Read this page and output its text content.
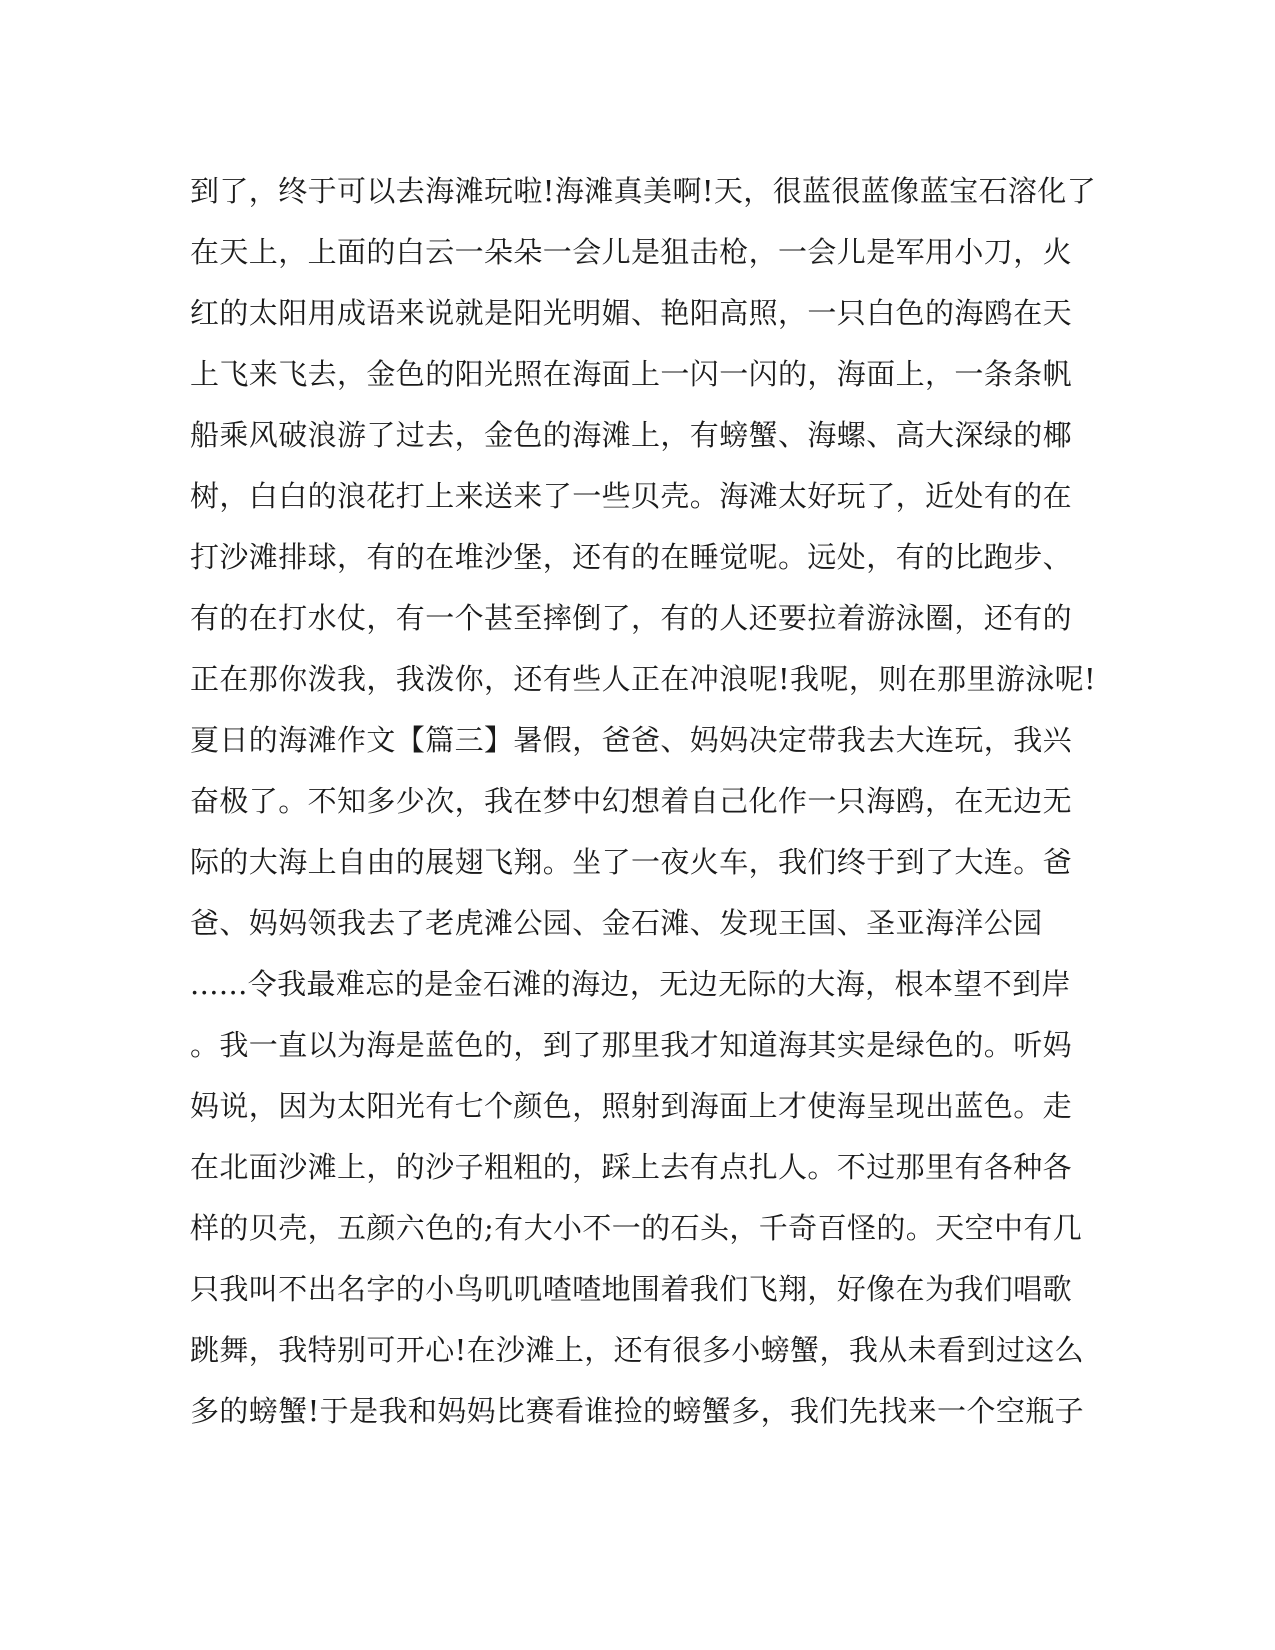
到了，终于可以去海滩玩啦!海滩真美啊!天，很蓝很蓝像蓝宝石溶化了
在天上，上面的白云一朵朵一会儿是狙击枪，一会儿是军用小刀，火
红的太阳用成语来说就是阳光明媚、艳阳高照，一只白色的海鸥在天
上飞来飞去，金色的阳光照在海面上一闪一闪的，海面上，一条条帆
船乘风破浪游了过去，金色的海滩上，有螃蟹、海螺、高大深绿的椰
树，白白的浪花打上来送来了一些贝壳。海滩太好玩了，近处有的在
打沙滩排球，有的在堆沙堡，还有的在睡觉呢。远处，有的比跑步、
有的在打水仗，有一个甚至摔倒了，有的人还要拉着游泳圈，还有的
正在那你泼我，我泼你，还有些人正在冲浪呢!我呢，则在那里游泳呢!
夏日的海滩作文【篇三】暑假，爸爸、妈妈决定带我去大连玩，我兴
奋极了。不知多少次，我在梦中幻想着自己化作一只海鸥，在无边无
际的大海上自由的展翅飞翔。坐了一夜火车，我们终于到了大连。爸
爸、妈妈领我去了老虎滩公园、金石滩、发现王国、圣亚海洋公园
......令我最难忘的是金石滩的海边，无边无际的大海，根本望不到岸
。我一直以为海是蓝色的，到了那里我才知道海其实是绿色的。听妈
妈说，因为太阳光有七个颜色，照射到海面上才使海呈现出蓝色。走
在北面沙滩上，的沙子粗粗的，踩上去有点扎人。不过那里有各种各
样的贝壳，五颜六色的;有大小不一的石头，千奇百怪的。天空中有几
只我叫不出名字的小鸟叽叽喳喳地围着我们飞翔，好像在为我们唱歌
跳舞，我特别可开心!在沙滩上，还有很多小螃蟹，我从未看到过这么
多的螃蟹!于是我和妈妈比赛看谁捡的螃蟹多，我们先找来一个空瓶子
